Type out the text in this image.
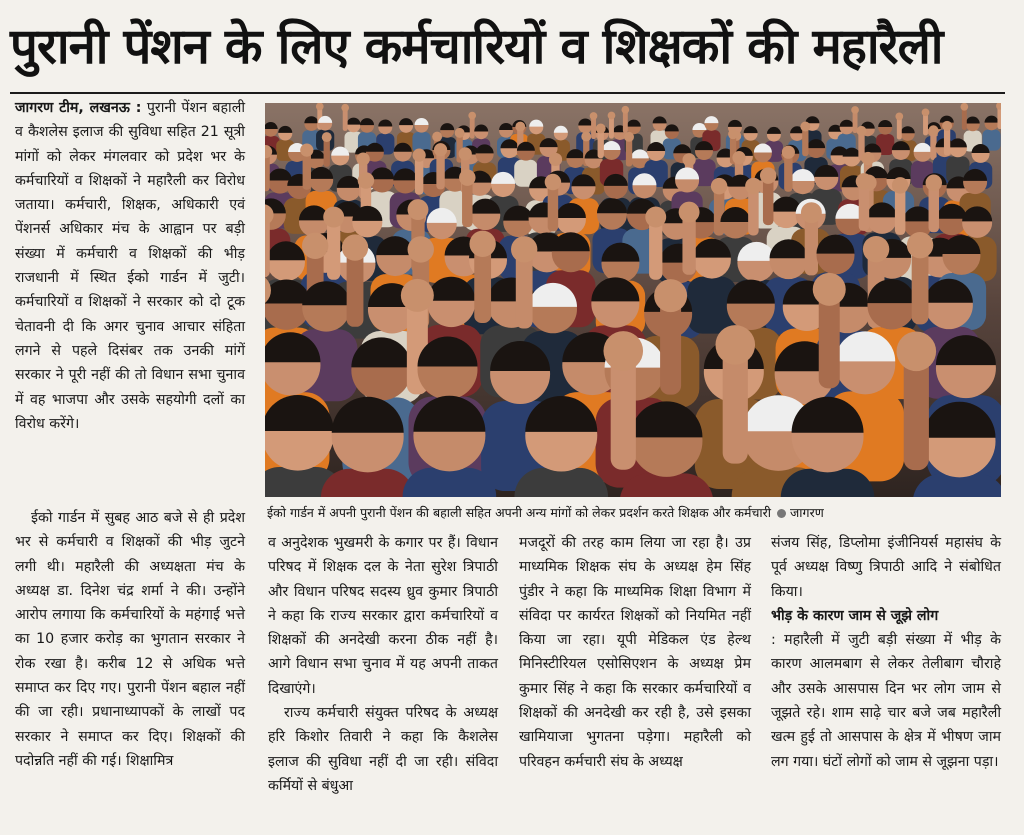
पुरानी पेंशन के लिए कर्मचारियों व शिक्षकों की महारैली

जागरण टीम, लखनऊ : पुरानी पेंशन बहाली व कैशलेस इलाज की सुविधा सहित 21 सूत्री मांगों को लेकर मंगलवार को प्रदेश भर के कर्मचारियों व शिक्षकों ने महारैली कर विरोध जताया। कर्मचारी, शिक्षक, अधिकारी एवं पेंशनर्स अधिकार मंच के आह्वान पर बड़ी संख्या में कर्मचारी व शिक्षकों की भीड़ राजधानी में स्थित ईको गार्डन में जुटी। कर्मचारियों व शिक्षकों ने सरकार को दो टूक चेतावनी दी कि अगर चुनाव आचार संहिता लगने से पहले दिसंबर तक उनकी मांगें सरकार ने पूरी नहीं की तो विधान सभा चुनाव में वह भाजपा और उसके सहयोगी दलों का विरोध करेंगे।

ईको गार्डन में अपनी पुरानी पेंशन की बहाली सहित अपनी अन्य मांगों को लेकर प्रदर्शन करते शिक्षक और कर्मचारी जागरण

ईको गार्डन में सुबह आठ बजे से ही प्रदेश भर से कर्मचारी व शिक्षकों की भीड़ जुटने लगी थी। महारैली की अध्यक्षता मंच के अध्यक्ष डा. दिनेश चंद्र शर्मा ने की। उन्होंने आरोप लगाया कि कर्मचारियों के महंगाई भत्ते का 10 हजार करोड़ का भुगतान सरकार ने रोक रखा है। करीब 12 से अधिक भत्ते समाप्त कर दिए गए। पुरानी पेंशन बहाल नहीं की जा रही। प्रधानाध्यापकों के लाखों पद सरकार ने समाप्त कर दिए। शिक्षकों की पदोन्नति नहीं की गई। शिक्षामित्र

व अनुदेशक भुखमरी के कगार पर हैं। विधान परिषद में शिक्षक दल के नेता सुरेश त्रिपाठी और विधान परिषद सदस्य ध्रुव कुमार त्रिपाठी ने कहा कि राज्य सरकार द्वारा कर्मचारियों व शिक्षकों की अनदेखी करना ठीक नहीं है। आगे विधान सभा चुनाव में यह अपनी ताकत दिखाएंगे।

राज्य कर्मचारी संयुक्त परिषद के अध्यक्ष हरि किशोर तिवारी ने कहा कि कैशलेस इलाज की सुविधा नहीं दी जा रही। संविदा कर्मियों से बंधुआ

मजदूरों की तरह काम लिया जा रहा है। उप्र माध्यमिक शिक्षक संघ के अध्यक्ष हेम सिंह पुंडीर ने कहा कि माध्यमिक शिक्षा विभाग में संविदा पर कार्यरत शिक्षकों को नियमित नहीं किया जा रहा। यूपी मेडिकल एंड हेल्थ मिनिस्टीरियल एसोसिएशन के अध्यक्ष प्रेम कुमार सिंह ने कहा कि सरकार कर्मचारियों व शिक्षकों की अनदेखी कर रही है, उसे इसका खामियाजा भुगतना पड़ेगा। महारैली को परिवहन कर्मचारी संघ के अध्यक्ष

संजय सिंह, डिप्लोमा इंजीनियर्स महासंघ के पूर्व अध्यक्ष विष्णु त्रिपाठी आदि ने संबोधित किया।

भीड़ के कारण जाम से जूझे लोग

: महारैली में जुटी बड़ी संख्या में भीड़ के कारण आलमबाग से लेकर तेलीबाग चौराहे और उसके आसपास दिन भर लोग जाम से जूझते रहे। शाम साढ़े चार बजे जब महारैली खत्म हुई तो आसपास के क्षेत्र में भीषण जाम लग गया। घंटों लोगों को जाम से जूझना पड़ा।
